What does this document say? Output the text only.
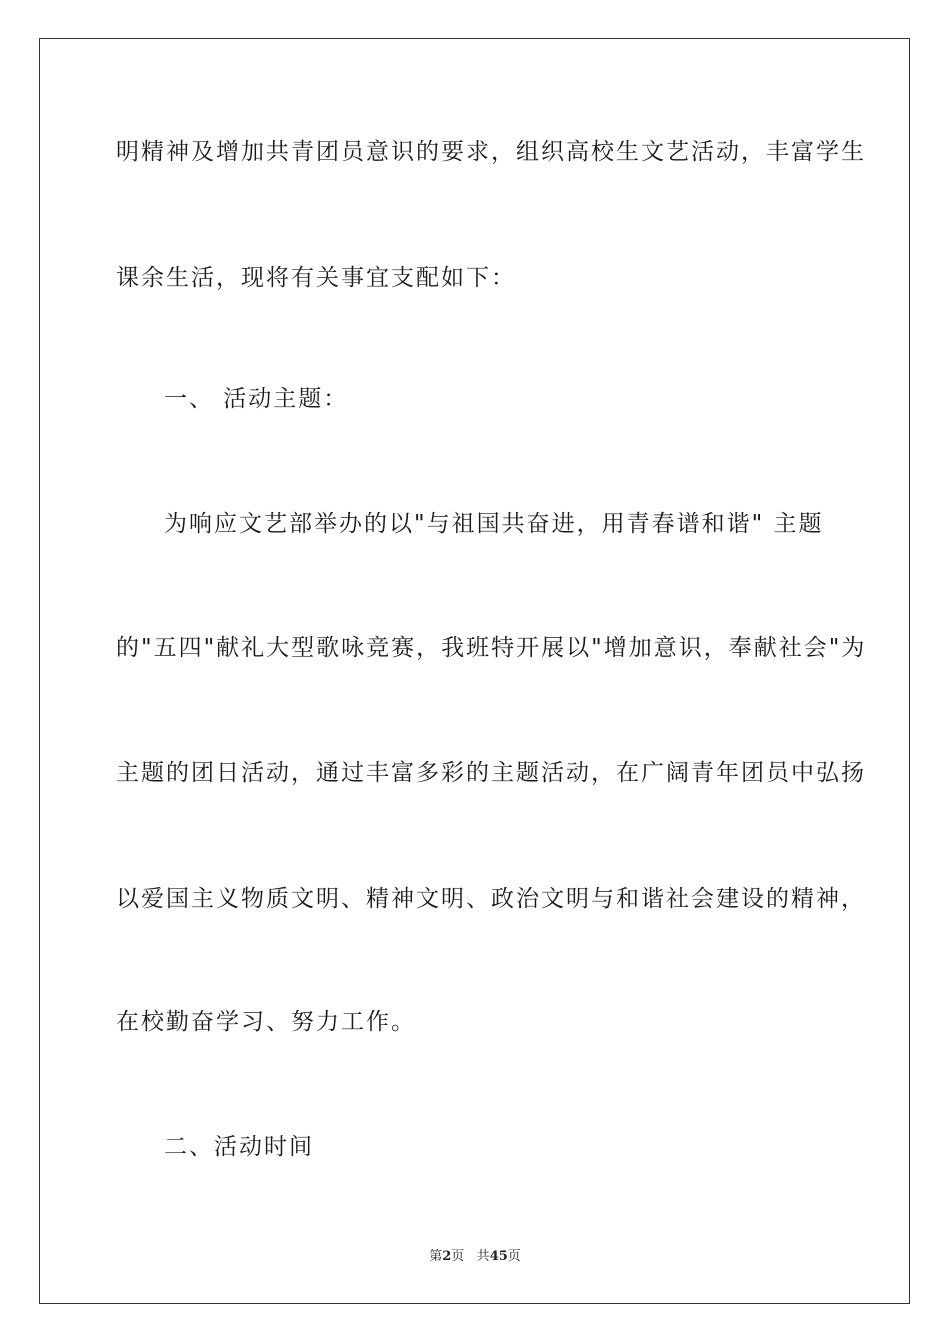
明精神及增加共青团员意识的要求，组织高校生文艺活动，丰富学生
课余生活，现将有关事宜支配如下：
一、 活动主题：
为响应文艺部举办的以"与祖国共奋进，用青春谱和谐" 主题
的"五四"献礼大型歌咏竞赛，我班特开展以"增加意识，奉献社会"为
主题的团日活动，通过丰富多彩的主题活动，在广阔青年团员中弘扬
以爱国主义物质文明、精神文明、政治文明与和谐社会建设的精神，
在校勤奋学习、努力工作。
二、活动时间
第2页 共45页
